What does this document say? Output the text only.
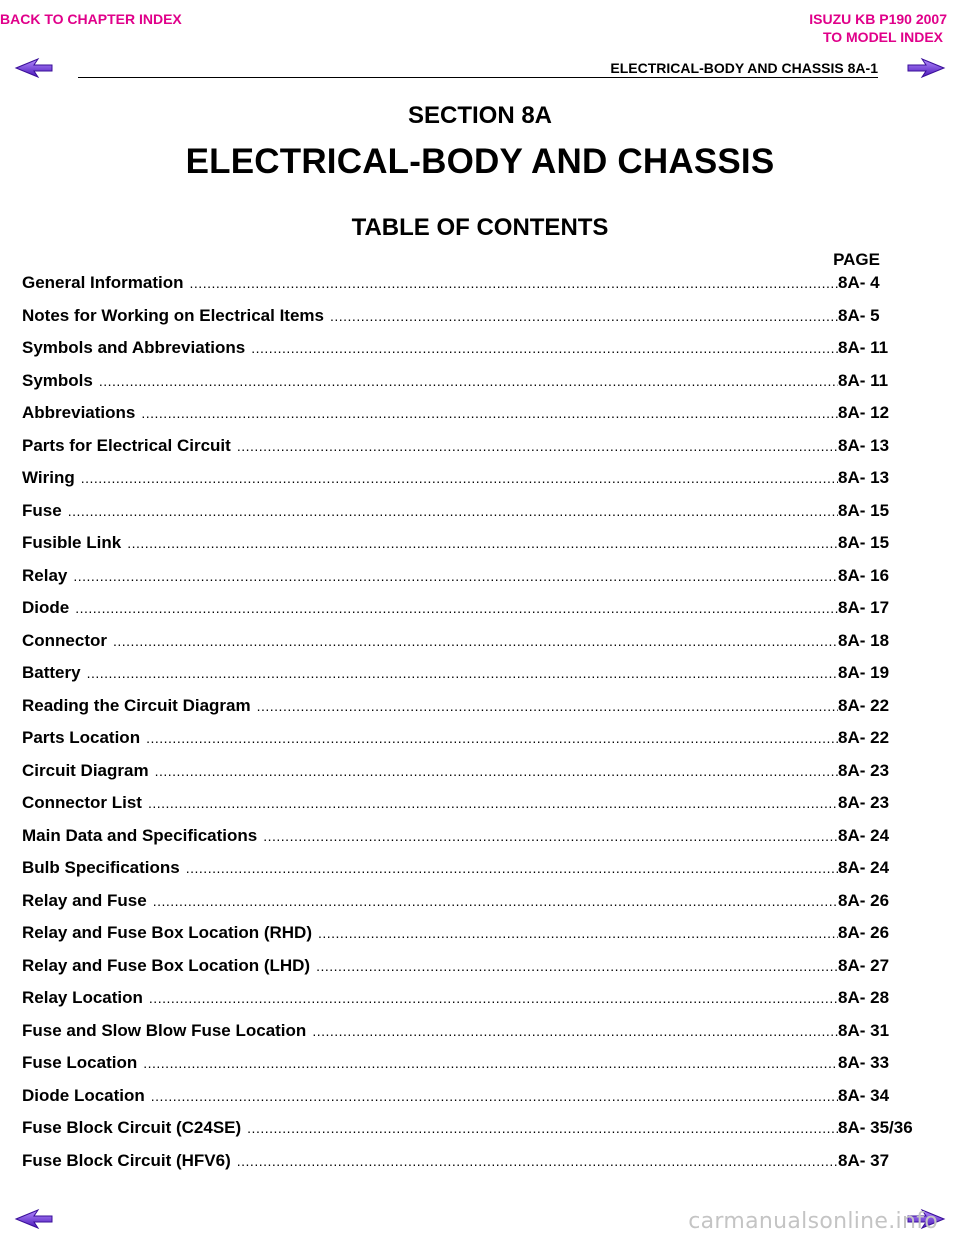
BACK TO CHAPTER INDEX	ISUZU KB P190 2007
TO MODEL INDEX
ELECTRICAL-BODY AND CHASSIS 8A-1
SECTION 8A
ELECTRICAL-BODY AND CHASSIS
TABLE OF CONTENTS
PAGE
General Information .....	8A- 4
Notes for Working on Electrical Items .....	8A- 5
Symbols and Abbreviations .....	8A- 11
Symbols .....	8A- 11
Abbreviations .....	8A- 12
Parts for Electrical Circuit .....	8A- 13
Wiring .....	8A- 13
Fuse .....	8A- 15
Fusible Link .....	8A- 15
Relay .....	8A- 16
Diode .....	8A- 17
Connector .....	8A- 18
Battery .....	8A- 19
Reading the Circuit Diagram .....	8A- 22
Parts Location .....	8A- 22
Circuit Diagram .....	8A- 23
Connector List .....	8A- 23
Main Data and Specifications .....	8A- 24
Bulb Specifications .....	8A- 24
Relay and Fuse .....	8A- 26
Relay and Fuse Box Location (RHD) .....	8A- 26
Relay and Fuse Box Location (LHD) .....	8A- 27
Relay Location .....	8A- 28
Fuse and Slow Blow Fuse Location .....	8A- 31
Fuse Location .....	8A- 33
Diode Location .....	8A- 34
Fuse Block Circuit (C24SE) .....	8A- 35/36
Fuse Block Circuit (HFV6) .....	8A- 37
carmanualsonline.info
